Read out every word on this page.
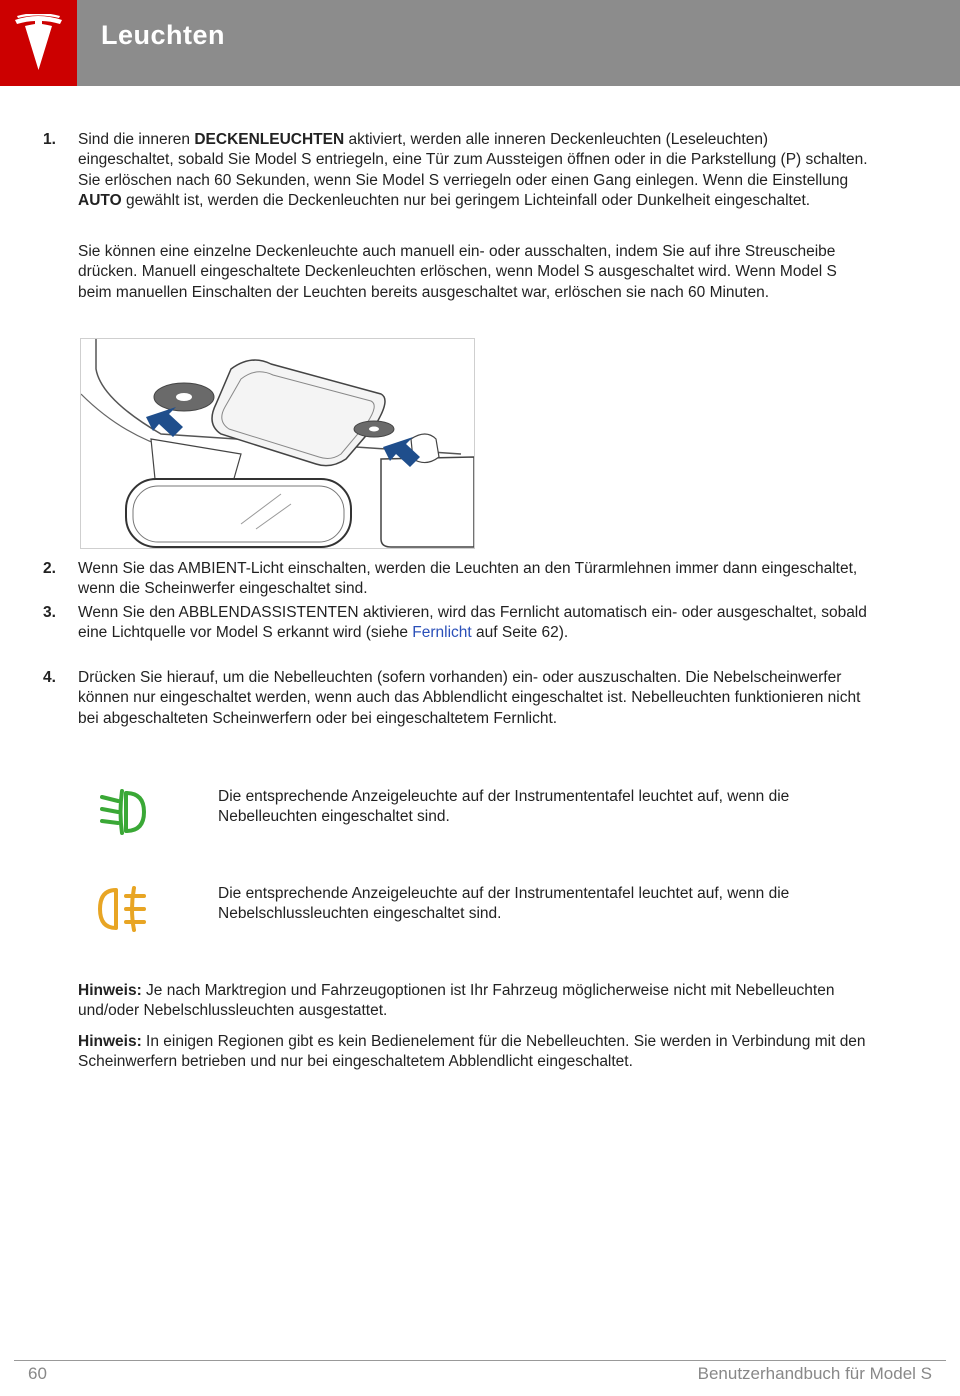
Leuchten
1.	Sind die inneren DECKENLEUCHTEN aktiviert, werden alle inneren Deckenleuchten (Leseleuchten) eingeschaltet, sobald Sie Model S entriegeln, eine Tür zum Aussteigen öffnen oder in die Parkstellung (P) schalten. Sie erlöschen nach 60 Sekunden, wenn Sie Model S verriegeln oder einen Gang einlegen. Wenn die Einstellung AUTO gewählt ist, werden die Deckenleuchten nur bei geringem Lichteinfall oder Dunkelheit eingeschaltet.
Sie können eine einzelne Deckenleuchte auch manuell ein- oder ausschalten, indem Sie auf ihre Streuscheibe drücken. Manuell eingeschaltete Deckenleuchten erlöschen, wenn Model S ausgeschaltet wird. Wenn Model S beim manuellen Einschalten der Leuchten bereits ausgeschaltet war, erlöschen sie nach 60 Minuten.
2.	Wenn Sie das AMBIENT-Licht einschalten, werden die Leuchten an den Türarmlehnen immer dann eingeschaltet, wenn die Scheinwerfer eingeschaltet sind.
3.	Wenn Sie den ABBLENDASSISTENTEN aktivieren, wird das Fernlicht automatisch ein- oder ausgeschaltet, sobald eine Lichtquelle vor Model S erkannt wird (siehe Fernlicht auf Seite 62).
4.	Drücken Sie hierauf, um die Nebelleuchten (sofern vorhanden) ein- oder auszuschalten. Die Nebelscheinwerfer können nur eingeschaltet werden, wenn auch das Abblendlicht eingeschaltet ist. Nebelleuchten funktionieren nicht bei abgeschalteten Scheinwerfern oder bei eingeschaltetem Fernlicht.
Die entsprechende Anzeigeleuchte auf der Instrumententafel leuchtet auf, wenn die Nebelleuchten eingeschaltet sind.
Die entsprechende Anzeigeleuchte auf der Instrumententafel leuchtet auf, wenn die Nebelschlussleuchten eingeschaltet sind.
Hinweis: Je nach Marktregion und Fahrzeugoptionen ist Ihr Fahrzeug möglicherweise nicht mit Nebelleuchten und/oder Nebelschlussleuchten ausgestattet.
Hinweis: In einigen Regionen gibt es kein Bedienelement für die Nebelleuchten. Sie werden in Verbindung mit den Scheinwerfern betrieben und nur bei eingeschaltetem Abblendlicht eingeschaltet.
60	Benutzerhandbuch für Model S
